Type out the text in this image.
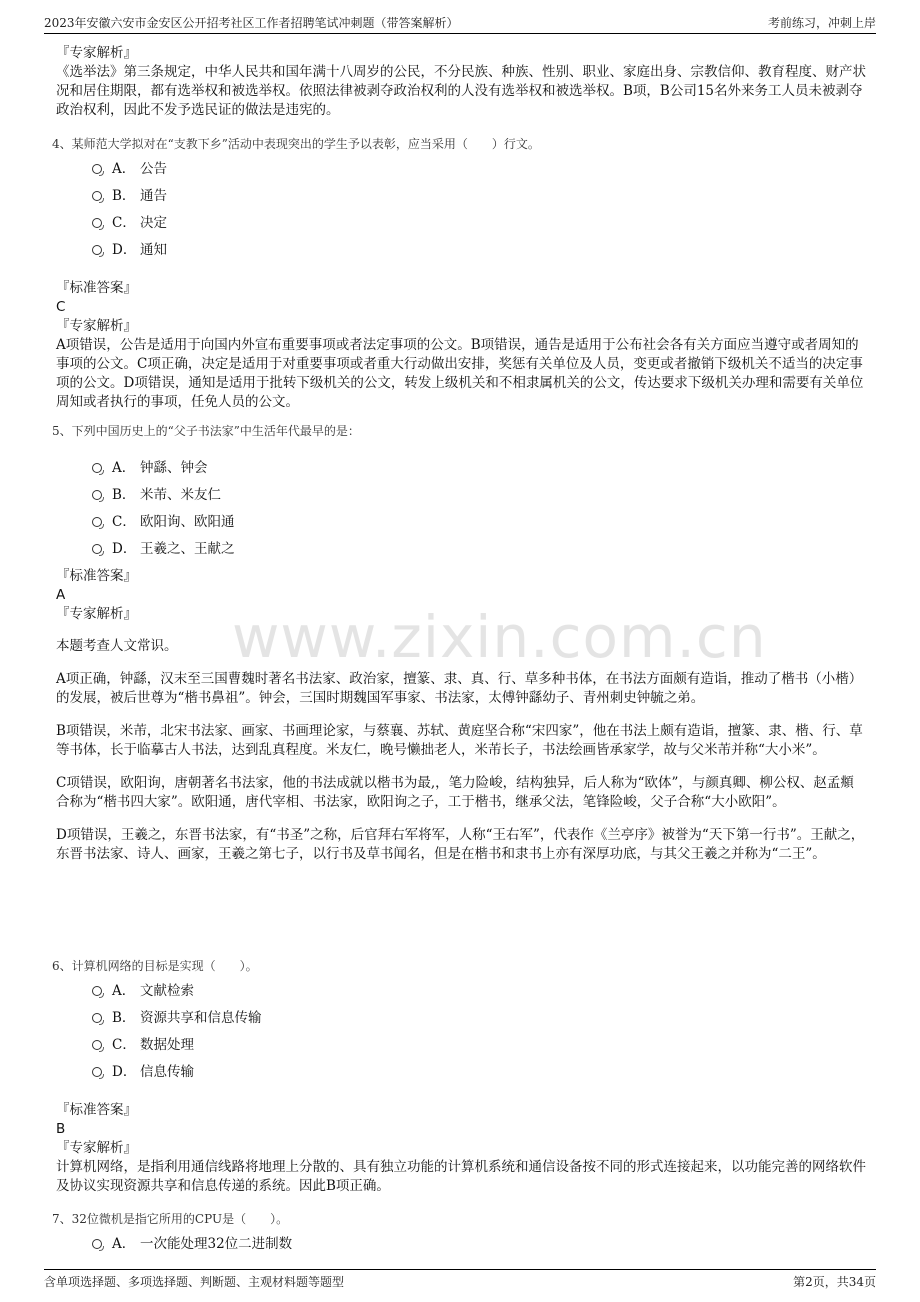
2023年安徽六安市金安区公开招考社区工作者招聘笔试冲刺题（带答案解析）	考前练习，冲刺上岸
www.zixin.com.cn

『专家解析』

《选举法》第三条规定，中华人民共和国年满十八周岁的公民，不分民族、种族、性别、职业、家庭出身、宗教信仰、教育程度、财产状况和居住期限，都有选举权和被选举权。依照法律被剥夺政治权利的人没有选举权和被选举权。B项，B公司15名外来务工人员未被剥夺政治权利，因此不发予选民证的做法是违宪的。

4、某师范大学拟对在“支教下乡”活动中表现突出的学生予以表彰，应当采用（　　）行文。
A． 公告
B． 通告
C． 决定
D． 通知

『标准答案』

C

『专家解析』

A项错误，公告是适用于向国内外宣布重要事项或者法定事项的公文。B项错误，通告是适用于公布社会各有关方面应当遵守或者周知的事项的公文。C项正确，决定是适用于对重要事项或者重大行动做出安排，奖惩有关单位及人员，变更或者撤销下级机关不适当的决定事项的公文。D项错误，通知是适用于批转下级机关的公文，转发上级机关和不相隶属机关的公文，传达要求下级机关办理和需要有关单位周知或者执行的事项，任免人员的公文。

5、下列中国历史上的“父子书法家”中生活年代最早的是：
A． 钟繇、钟会
B． 米芾、米友仁
C． 欧阳询、欧阳通
D． 王羲之、王献之

『标准答案』

A

『专家解析』

本题考查人文常识。

A项正确，钟繇，汉末至三国曹魏时著名书法家、政治家，擅篆、隶、真、行、草多种书体，在书法方面颇有造诣，推动了楷书（小楷）的发展，被后世尊为“楷书鼻祖”。钟会，三国时期魏国军事家、书法家，太傅钟繇幼子、青州刺史钟毓之弟。

B项错误，米芾，北宋书法家、画家、书画理论家，与蔡襄、苏轼、黄庭坚合称“宋四家”，他在书法上颇有造诣，擅篆、隶、楷、行、草等书体，长于临摹古人书法，达到乱真程度。米友仁，晚号懒拙老人，米芾长子，书法绘画皆承家学，故与父米芾并称“大小米”。

C项错误，欧阳询，唐朝著名书法家，他的书法成就以楷书为最,，笔力险峻，结构独异，后人称为“欧体”，与颜真卿、柳公权、赵孟頫合称为“楷书四大家”。欧阳通，唐代宰相、书法家，欧阳询之子，工于楷书，继承父法，笔锋险峻，父子合称“大小欧阳”。

D项错误，王羲之，东晋书法家，有“书圣”之称，后官拜右军将军，人称“王右军”，代表作《兰亭序》被誉为“天下第一行书”。王献之，东晋书法家、诗人、画家，王羲之第七子，以行书及草书闻名，但是在楷书和隶书上亦有深厚功底，与其父王羲之并称为“二王”。

6、计算机网络的目标是实现（　　）。
A． 文献检索
B． 资源共享和信息传输
C． 数据处理
D． 信息传输

『标准答案』

B

『专家解析』

计算机网络，是指利用通信线路将地理上分散的、具有独立功能的计算机系统和通信设备按不同的形式连接起来，以功能完善的网络软件及协议实现资源共享和信息传递的系统。因此B项正确。

7、32位微机是指它所用的CPU是（　　）。
A． 一次能处理32位二进制数
含单项选择题、多项选择题、判断题、主观材料题等题型	第2页，共34页
